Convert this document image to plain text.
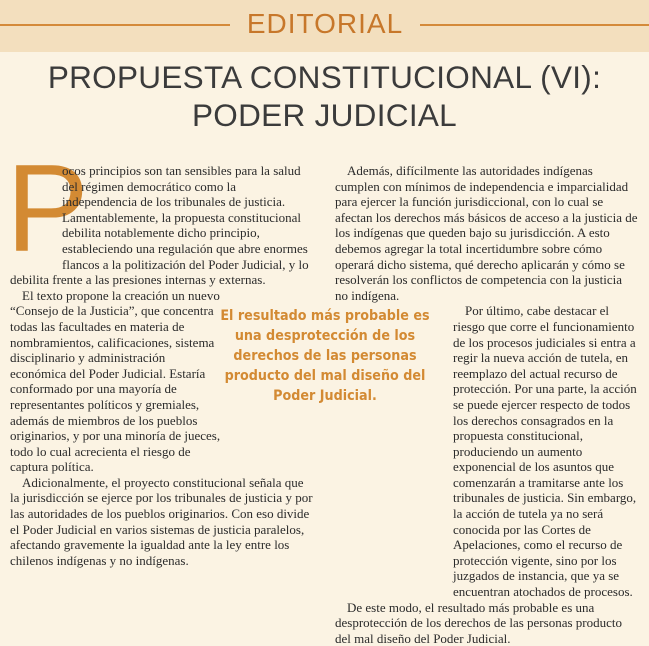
EDITORIAL
PROPUESTA CONSTITUCIONAL (VI):
PODER JUDICIAL
P

ocos principios son tan sensibles para la salud del régimen democrático como la independencia de los tribunales de justicia. Lamentablemente, la propuesta constitucional debilita notablemente dicho principio, estableciendo una regulación que abre enormes flancos a la politización del Poder Judicial, y lo debilita frente a las presiones internas y externas.

El texto propone la creación un nuevo “Consejo de la Justicia”, que concentra todas las facultades en materia de nombramientos, calificaciones, sistema disciplinario y administración económica del Poder Judicial. Estaría conformado por una mayoría de representantes políticos y gremiales, además de miembros de los pueblos originarios, y por una minoría de jueces, todo lo cual acrecienta el riesgo de captura política.

Adicionalmente, el proyecto constitucional señala que la jurisdicción se ejerce por los tribunales de justicia y por las autoridades de los pueblos originarios. Con eso divide el Poder Judicial en varios sistemas de justicia paralelos, afectando gravemente la igualdad ante la ley entre los chilenos indígenas y no indígenas.

Además, difícilmente las autoridades indígenas cumplen con mínimos de independencia e imparcialidad para ejercer la función jurisdiccional, con lo cual se afectan los derechos más básicos de acceso a la justicia de los indígenas que queden bajo su jurisdicción. A esto debemos agregar la total incertidumbre sobre cómo operará dicho sistema, qué derecho aplicarán y cómo se resolverán los conflictos de competencia con la justicia no indígena.

Por último, cabe destacar el riesgo que corre el funcionamiento de los procesos judiciales si entra a regir la nueva acción de tutela, en reemplazo del actual recurso de protección. Por una parte, la acción se puede ejercer respecto de todos los derechos consagrados en la propuesta constitucional, produciendo un aumento exponencial de los asuntos que comenzarán a tramitarse ante los tribunales de justicia. Sin embargo, la acción de tutela ya no será conocida por las Cortes de Apelaciones, como el recurso de protección vigente, sino por los juzgados de instancia, que ya se encuentran atochados de procesos.

De este modo, el resultado más probable es una desprotección de los derechos de las personas producto del mal diseño del Poder Judicial.

El resultado más probable es una desprotección de los derechos de las personas producto del mal diseño del Poder Judicial.
